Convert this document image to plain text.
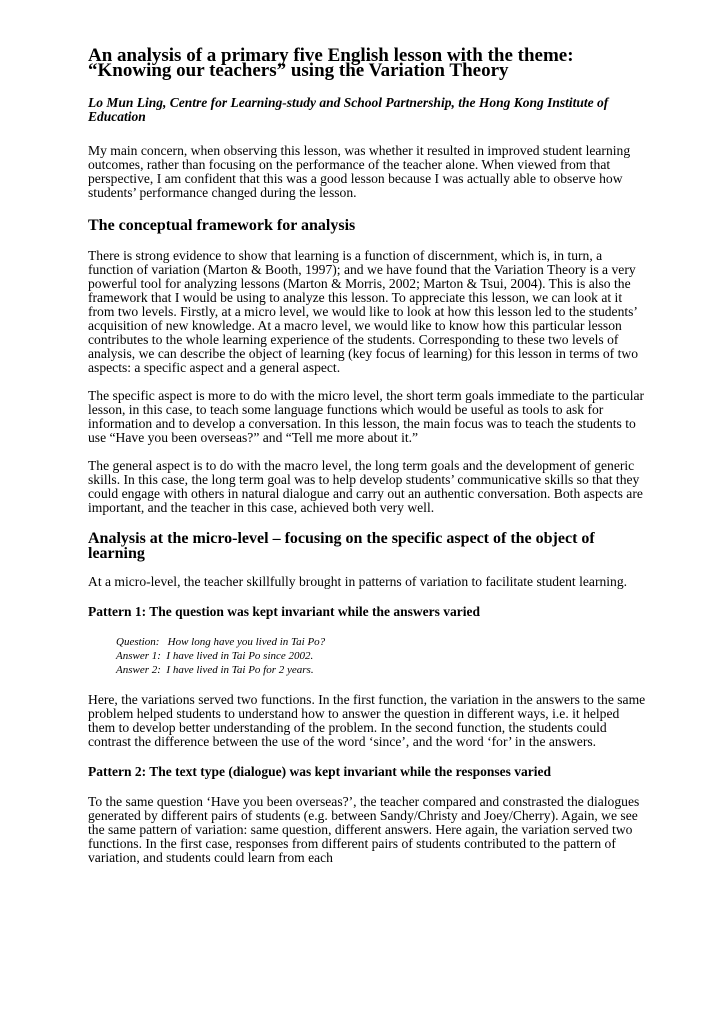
An analysis of a primary five English lesson with the theme:
“Knowing our teachers” using the Variation Theory

Lo Mun Ling, Centre for Learning-study and School Partnership, the Hong Kong Institute of Education

My main concern, when observing this lesson, was whether it resulted in improved student learning outcomes, rather than focusing on the performance of the teacher alone. When viewed from that perspective, I am confident that this was a good lesson because I was actually able to observe how students’ performance changed during the lesson.

The conceptual framework for analysis

There is strong evidence to show that learning is a function of discernment, which is, in turn, a function of variation (Marton & Booth, 1997); and we have found that the Variation Theory is a very powerful tool for analyzing lessons (Marton & Morris, 2002; Marton & Tsui, 2004). This is also the framework that I would be using to analyze this lesson. To appreciate this lesson, we can look at it from two levels. Firstly, at a micro level, we would like to look at how this lesson led to the students’ acquisition of new knowledge. At a macro level, we would like to know how this particular lesson contributes to the whole learning experience of the students. Corresponding to these two levels of analysis, we can describe the object of learning (key focus of learning) for this lesson in terms of two aspects: a specific aspect and a general aspect.

The specific aspect is more to do with the micro level, the short term goals immediate to the particular lesson, in this case, to teach some language functions which would be useful as tools to ask for information and to develop a conversation. In this lesson, the main focus was to teach the students to use “Have you been overseas?” and “Tell me more about it.”

The general aspect is to do with the macro level, the long term goals and the development of generic skills. In this case, the long term goal was to help develop students’ communicative skills so that they could engage with others in natural dialogue and carry out an authentic conversation. Both aspects are important, and the teacher in this case, achieved both very well.

Analysis at the micro-level – focusing on the specific aspect of the object of learning

At a micro-level, the teacher skillfully brought in patterns of variation to facilitate student learning.

Pattern 1: The question was kept invariant while the answers varied
Question:   How long have you lived in Tai Po?
Answer 1:  I have lived in Tai Po since 2002.
Answer 2:  I have lived in Tai Po for 2 years.

Here, the variations served two functions. In the first function, the variation in the answers to the same problem helped students to understand how to answer the question in different ways, i.e. it helped them to develop better understanding of the problem. In the second function, the students could contrast the difference between the use of the word ‘since’, and the word ‘for’ in the answers.

Pattern 2: The text type (dialogue) was kept invariant while the responses varied

To the same question ‘Have you been overseas?’, the teacher compared and constrasted the dialogues generated by different pairs of students (e.g. between Sandy/Christy and Joey/Cherry). Again, we see the same pattern of variation: same question, different answers. Here again, the variation served two functions. In the first case, responses from different pairs of students contributed to the pattern of variation, and students could learn from each
